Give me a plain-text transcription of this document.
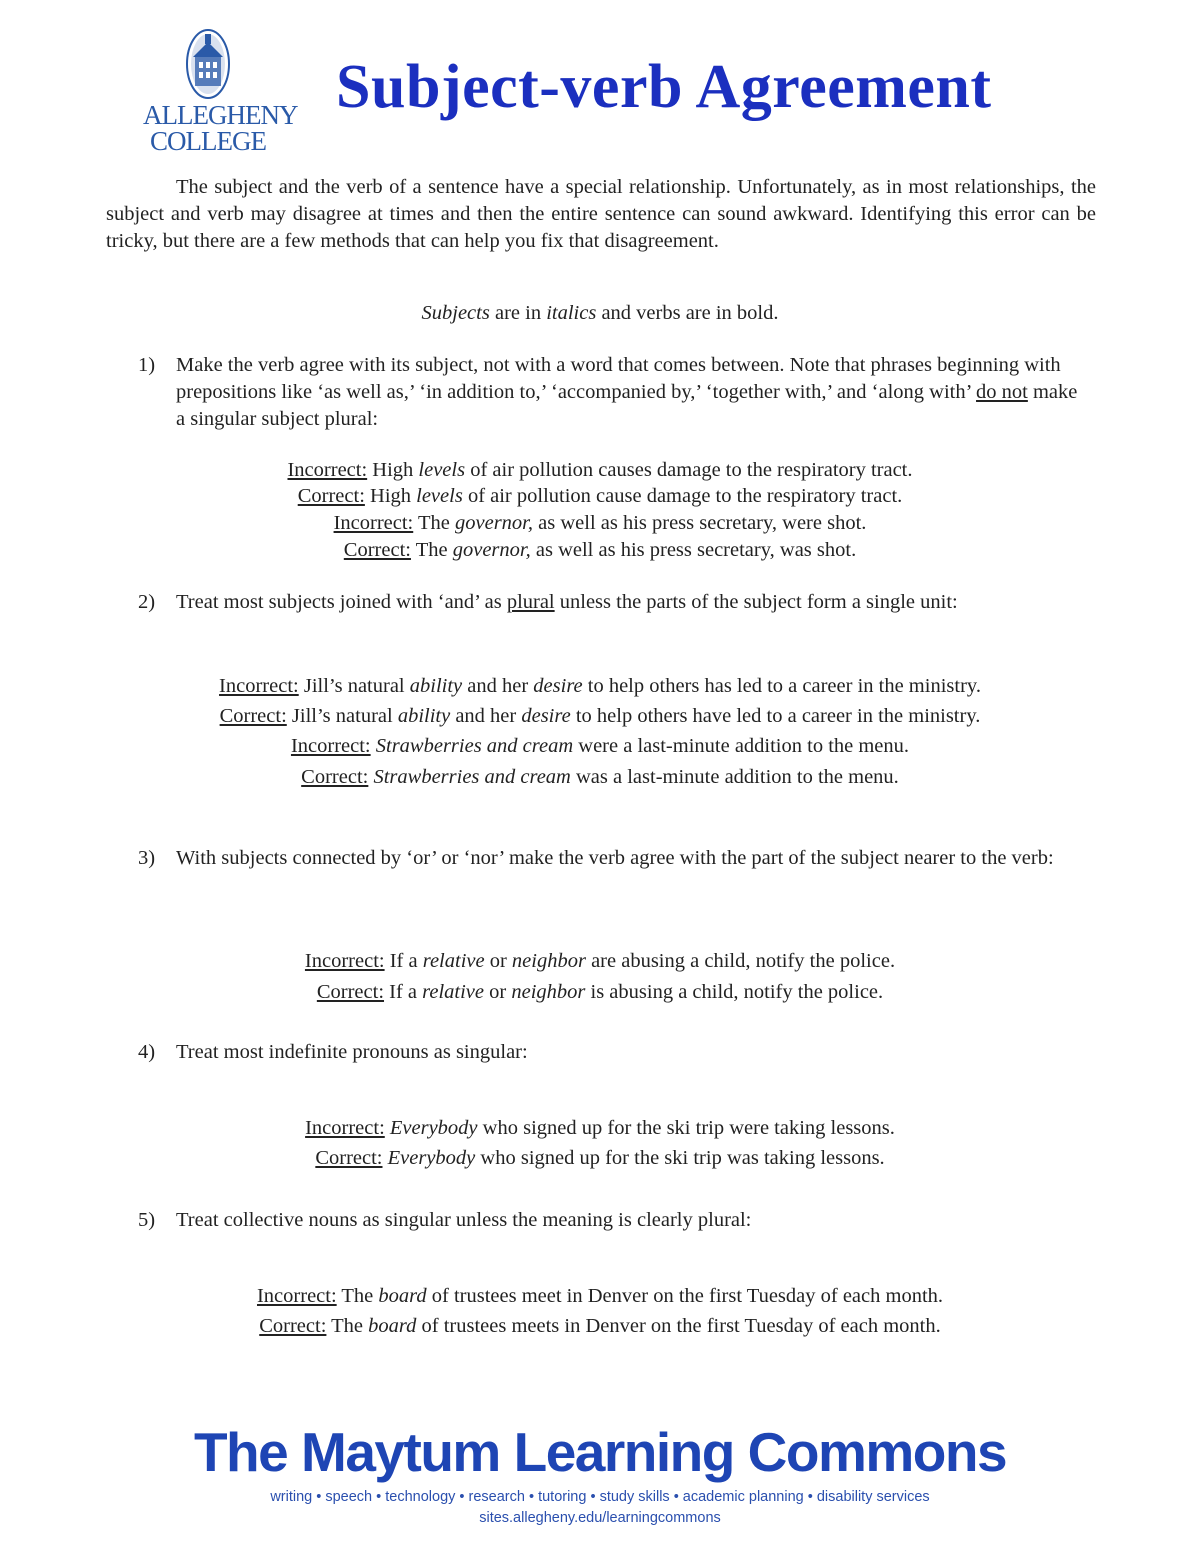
ALLEGHENY
COLLEGE
Subject-verb Agreement

The subject and the verb of a sentence have a special relationship. Unfortunately, as in most relationships, the subject and verb may disagree at times and then the entire sentence can sound awkward. Identifying this error can be tricky, but there are a few methods that can help you fix that disagreement.

Subjects are in italics and verbs are in bold.
1)	Make the verb agree with its subject, not with a word that comes between. Note that phrases beginning with prepositions like ‘as well as,’ ‘in addition to,’ ‘accompanied by,’ ‘together with,’ and ‘along with’ do not make a singular subject plural:
Incorrect: High levels of air pollution causes damage to the respiratory tract.
Correct: High levels of air pollution cause damage to the respiratory tract.
Incorrect: The governor, as well as his press secretary, were shot.
Correct: The governor, as well as his press secretary, was shot.
2)	Treat most subjects joined with ‘and’ as plural unless the parts of the subject form a single unit:
Incorrect: Jill’s natural ability and her desire to help others has led to a career in the ministry.
Correct: Jill’s natural ability and her desire to help others have led to a career in the ministry.
Incorrect: Strawberries and cream were a last-minute addition to the menu.
Correct: Strawberries and cream was a last-minute addition to the menu.
3)	With subjects connected by ‘or’ or ‘nor’ make the verb agree with the part of the subject nearer to the verb:
Incorrect: If a relative or neighbor are abusing a child, notify the police.
Correct: If a relative or neighbor is abusing a child, notify the police.
4)	Treat most indefinite pronouns as singular:
Incorrect: Everybody who signed up for the ski trip were taking lessons.
Correct: Everybody who signed up for the ski trip was taking lessons.
5)	Treat collective nouns as singular unless the meaning is clearly plural:
Incorrect: The board of trustees meet in Denver on the first Tuesday of each month.
Correct: The board of trustees meets in Denver on the first Tuesday of each month.
The Maytum Learning Commons
writing • speech • technology • research • tutoring • study skills • academic planning • disability services
sites.allegheny.edu/learningcommons
